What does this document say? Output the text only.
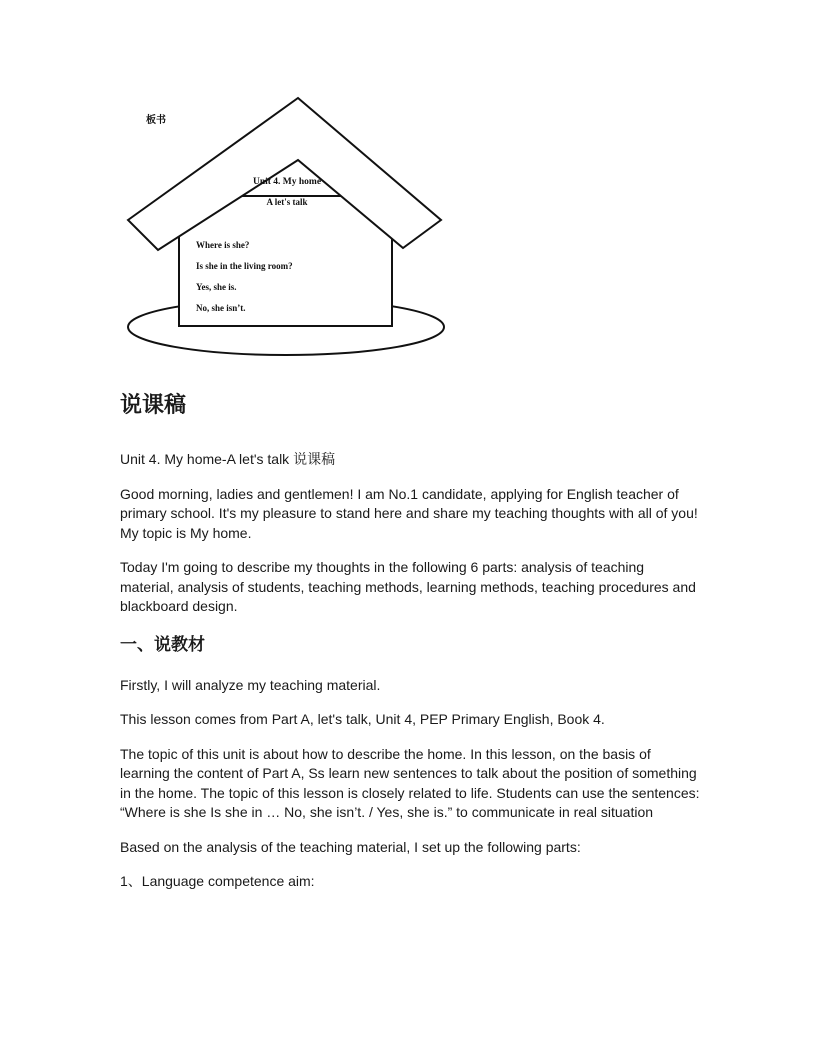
板书
Unit 4. My home
A let's talk
Where is she?
Is she in the living room?
Yes, she is.
No, she isn’t.
说课稿

Unit 4. My home-A let's talk 说课稿

Good morning, ladies and gentlemen! I am No.1 candidate, applying for English teacher of primary school. It's my pleasure to stand here and share my teaching thoughts with all of you! My topic is My home.

Today I'm going to describe my thoughts in the following 6 parts: analysis of teaching material, analysis of students, teaching methods, learning methods, teaching procedures and blackboard design.

一、说教材

Firstly, I will analyze my teaching material.

This lesson comes from Part A, let's talk, Unit 4, PEP Primary English, Book 4.

The topic of this unit is about how to describe the home. In this lesson, on the basis of learning the content of Part A, Ss learn new sentences to talk about the position of something in the home. The topic of this lesson is closely related to life. Students can use the sentences: “Where is she Is she in … No, she isn’t. / Yes, she is.” to communicate in real situation

Based on the analysis of the teaching material, I set up the following parts:

1、Language competence aim:
